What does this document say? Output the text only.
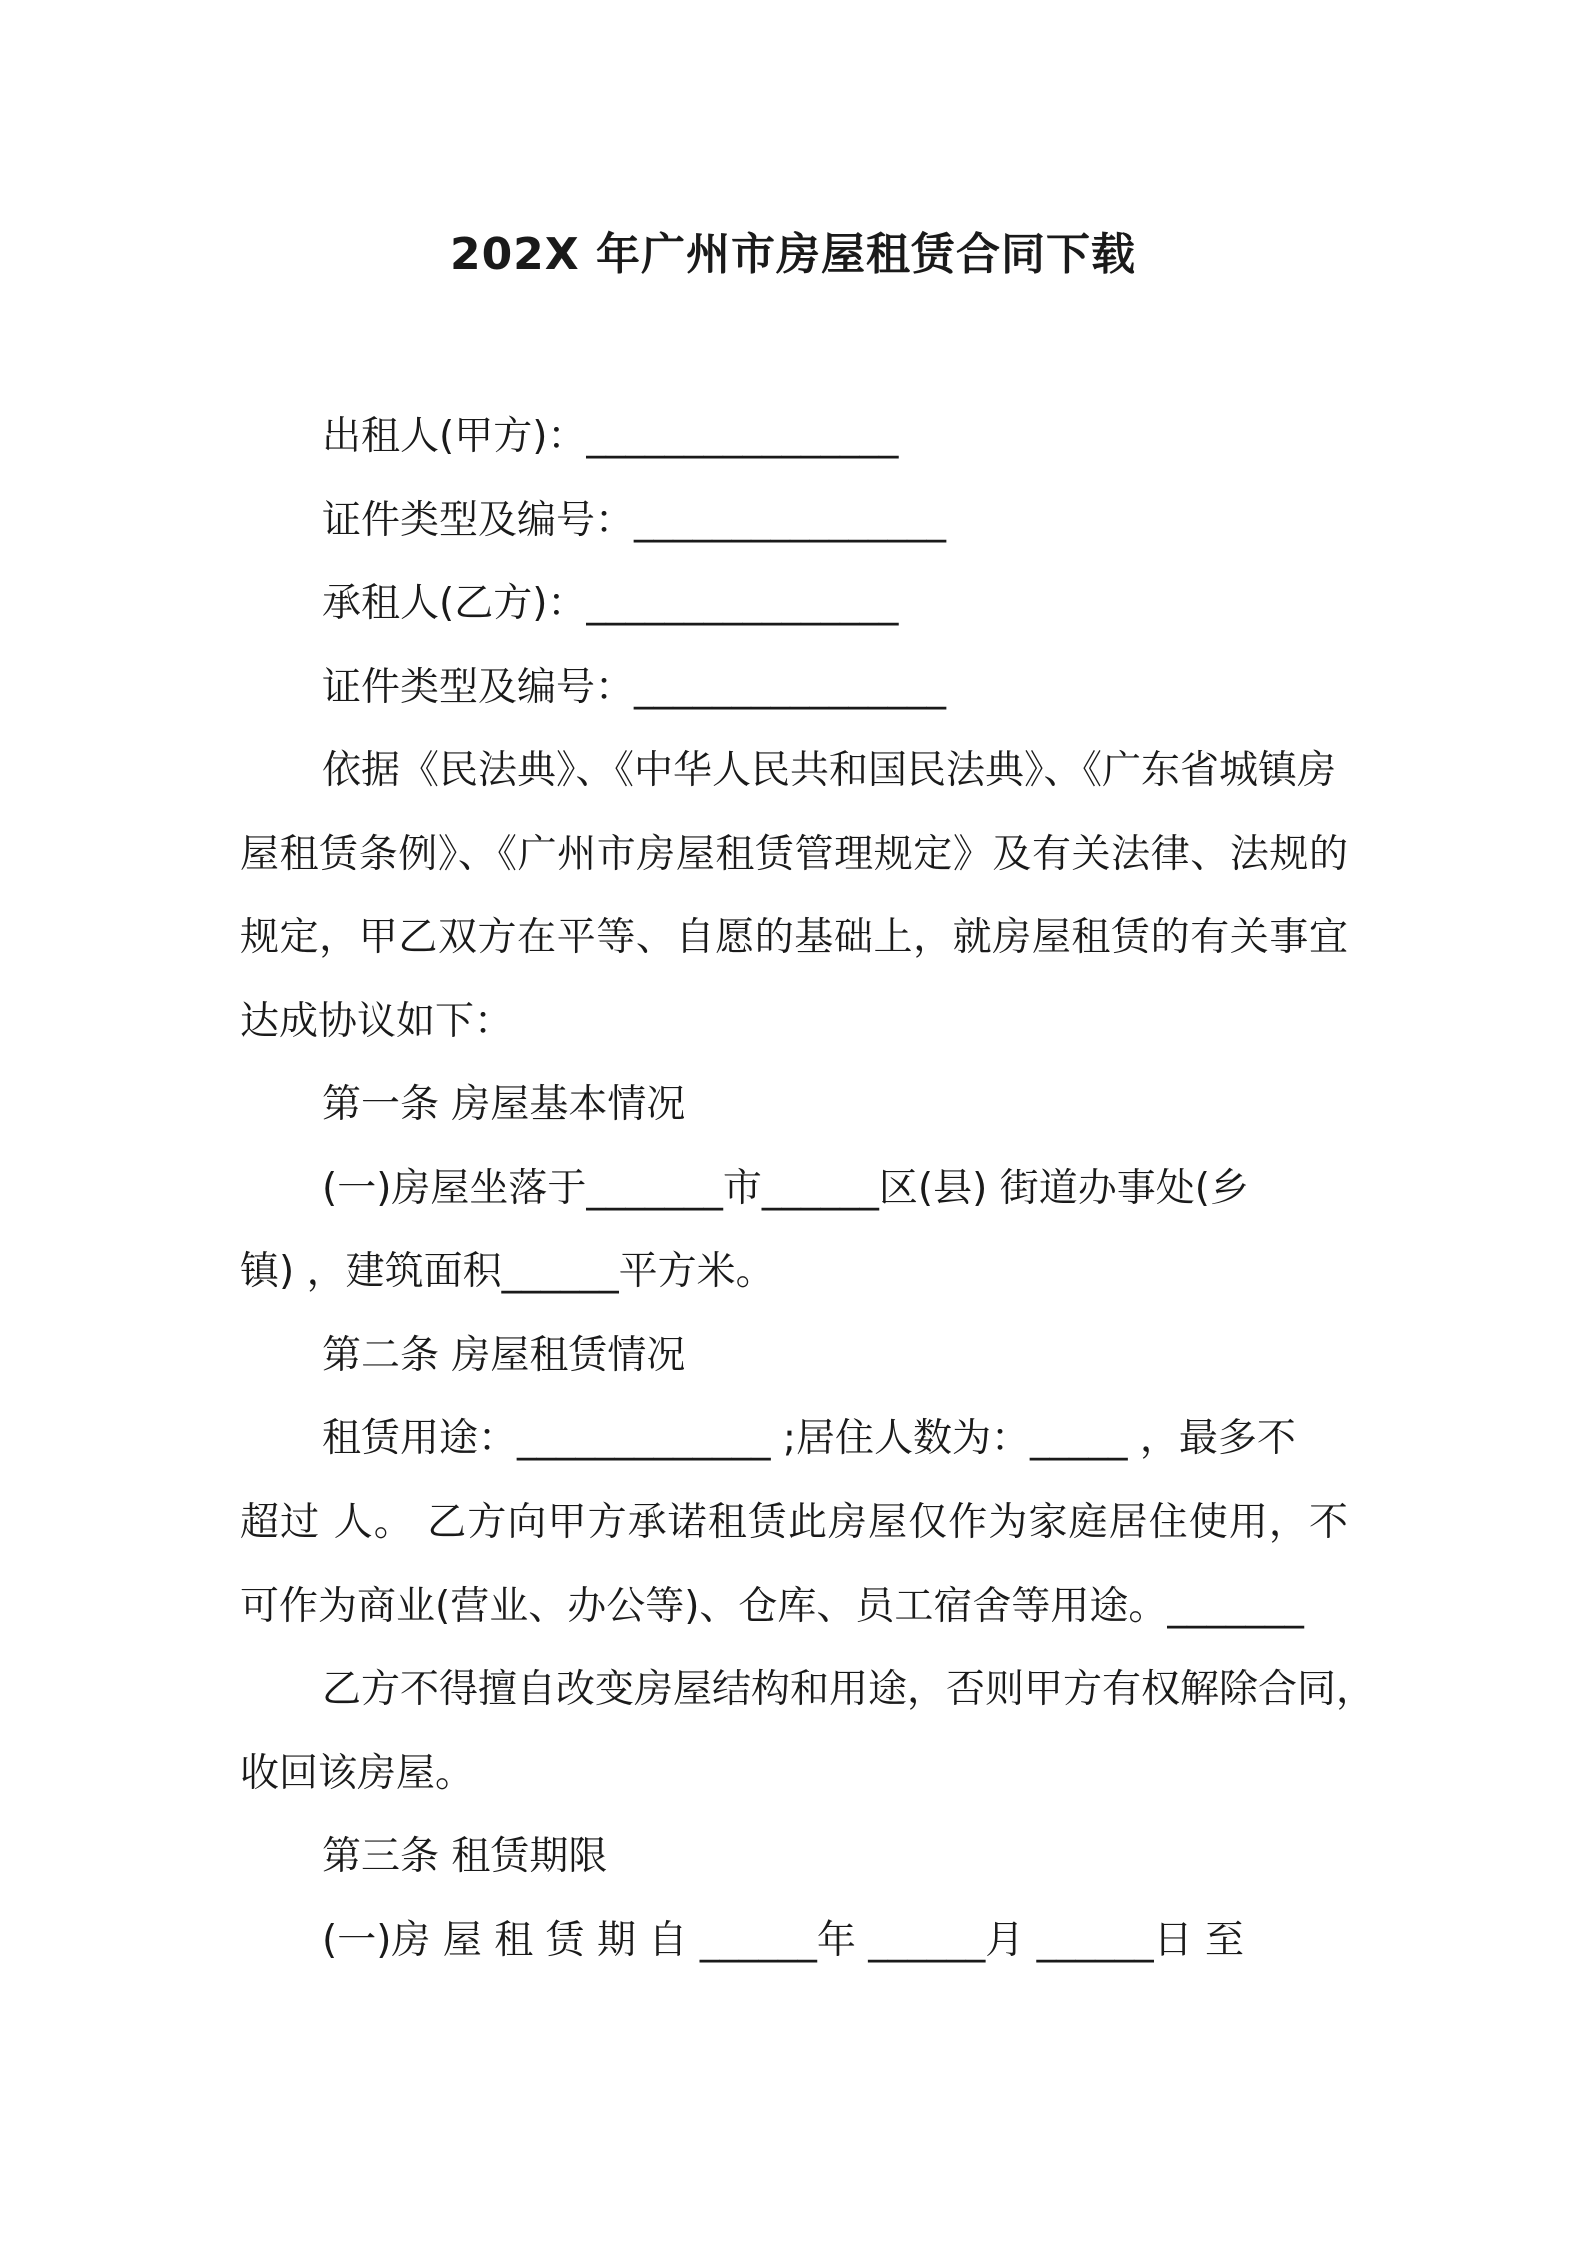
202X 年广州市房屋租赁合同下载
出租人(甲方)：________________
证件类型及编号：________________
承租人(乙方)：________________
证件类型及编号：________________
依据《民法典》、《中华人民共和国民法典》、《广东省城镇房
屋租赁条例》、《广州市房屋租赁管理规定》及有关法律、法规的
规定，甲乙双方在平等、自愿的基础上，就房屋租赁的有关事宜
达成协议如下：
第一条 房屋基本情况
(一)房屋坐落于_______市______区(县) 街道办事处(乡
镇) ，建筑面积______平方米。
第二条 房屋租赁情况
租赁用途：_____________ ;居住人数为：_____ ，最多不
超过 人。 乙方向甲方承诺租赁此房屋仅作为家庭居住使用，不
可作为商业(营业、办公等)、仓库、员工宿舍等用途。_______
乙方不得擅自改变房屋结构和用途，否则甲方有权解除合同，
收回该房屋。
第三条 租赁期限
(一)房 屋 租 赁 期 自 ______年 ______月 ______日 至
